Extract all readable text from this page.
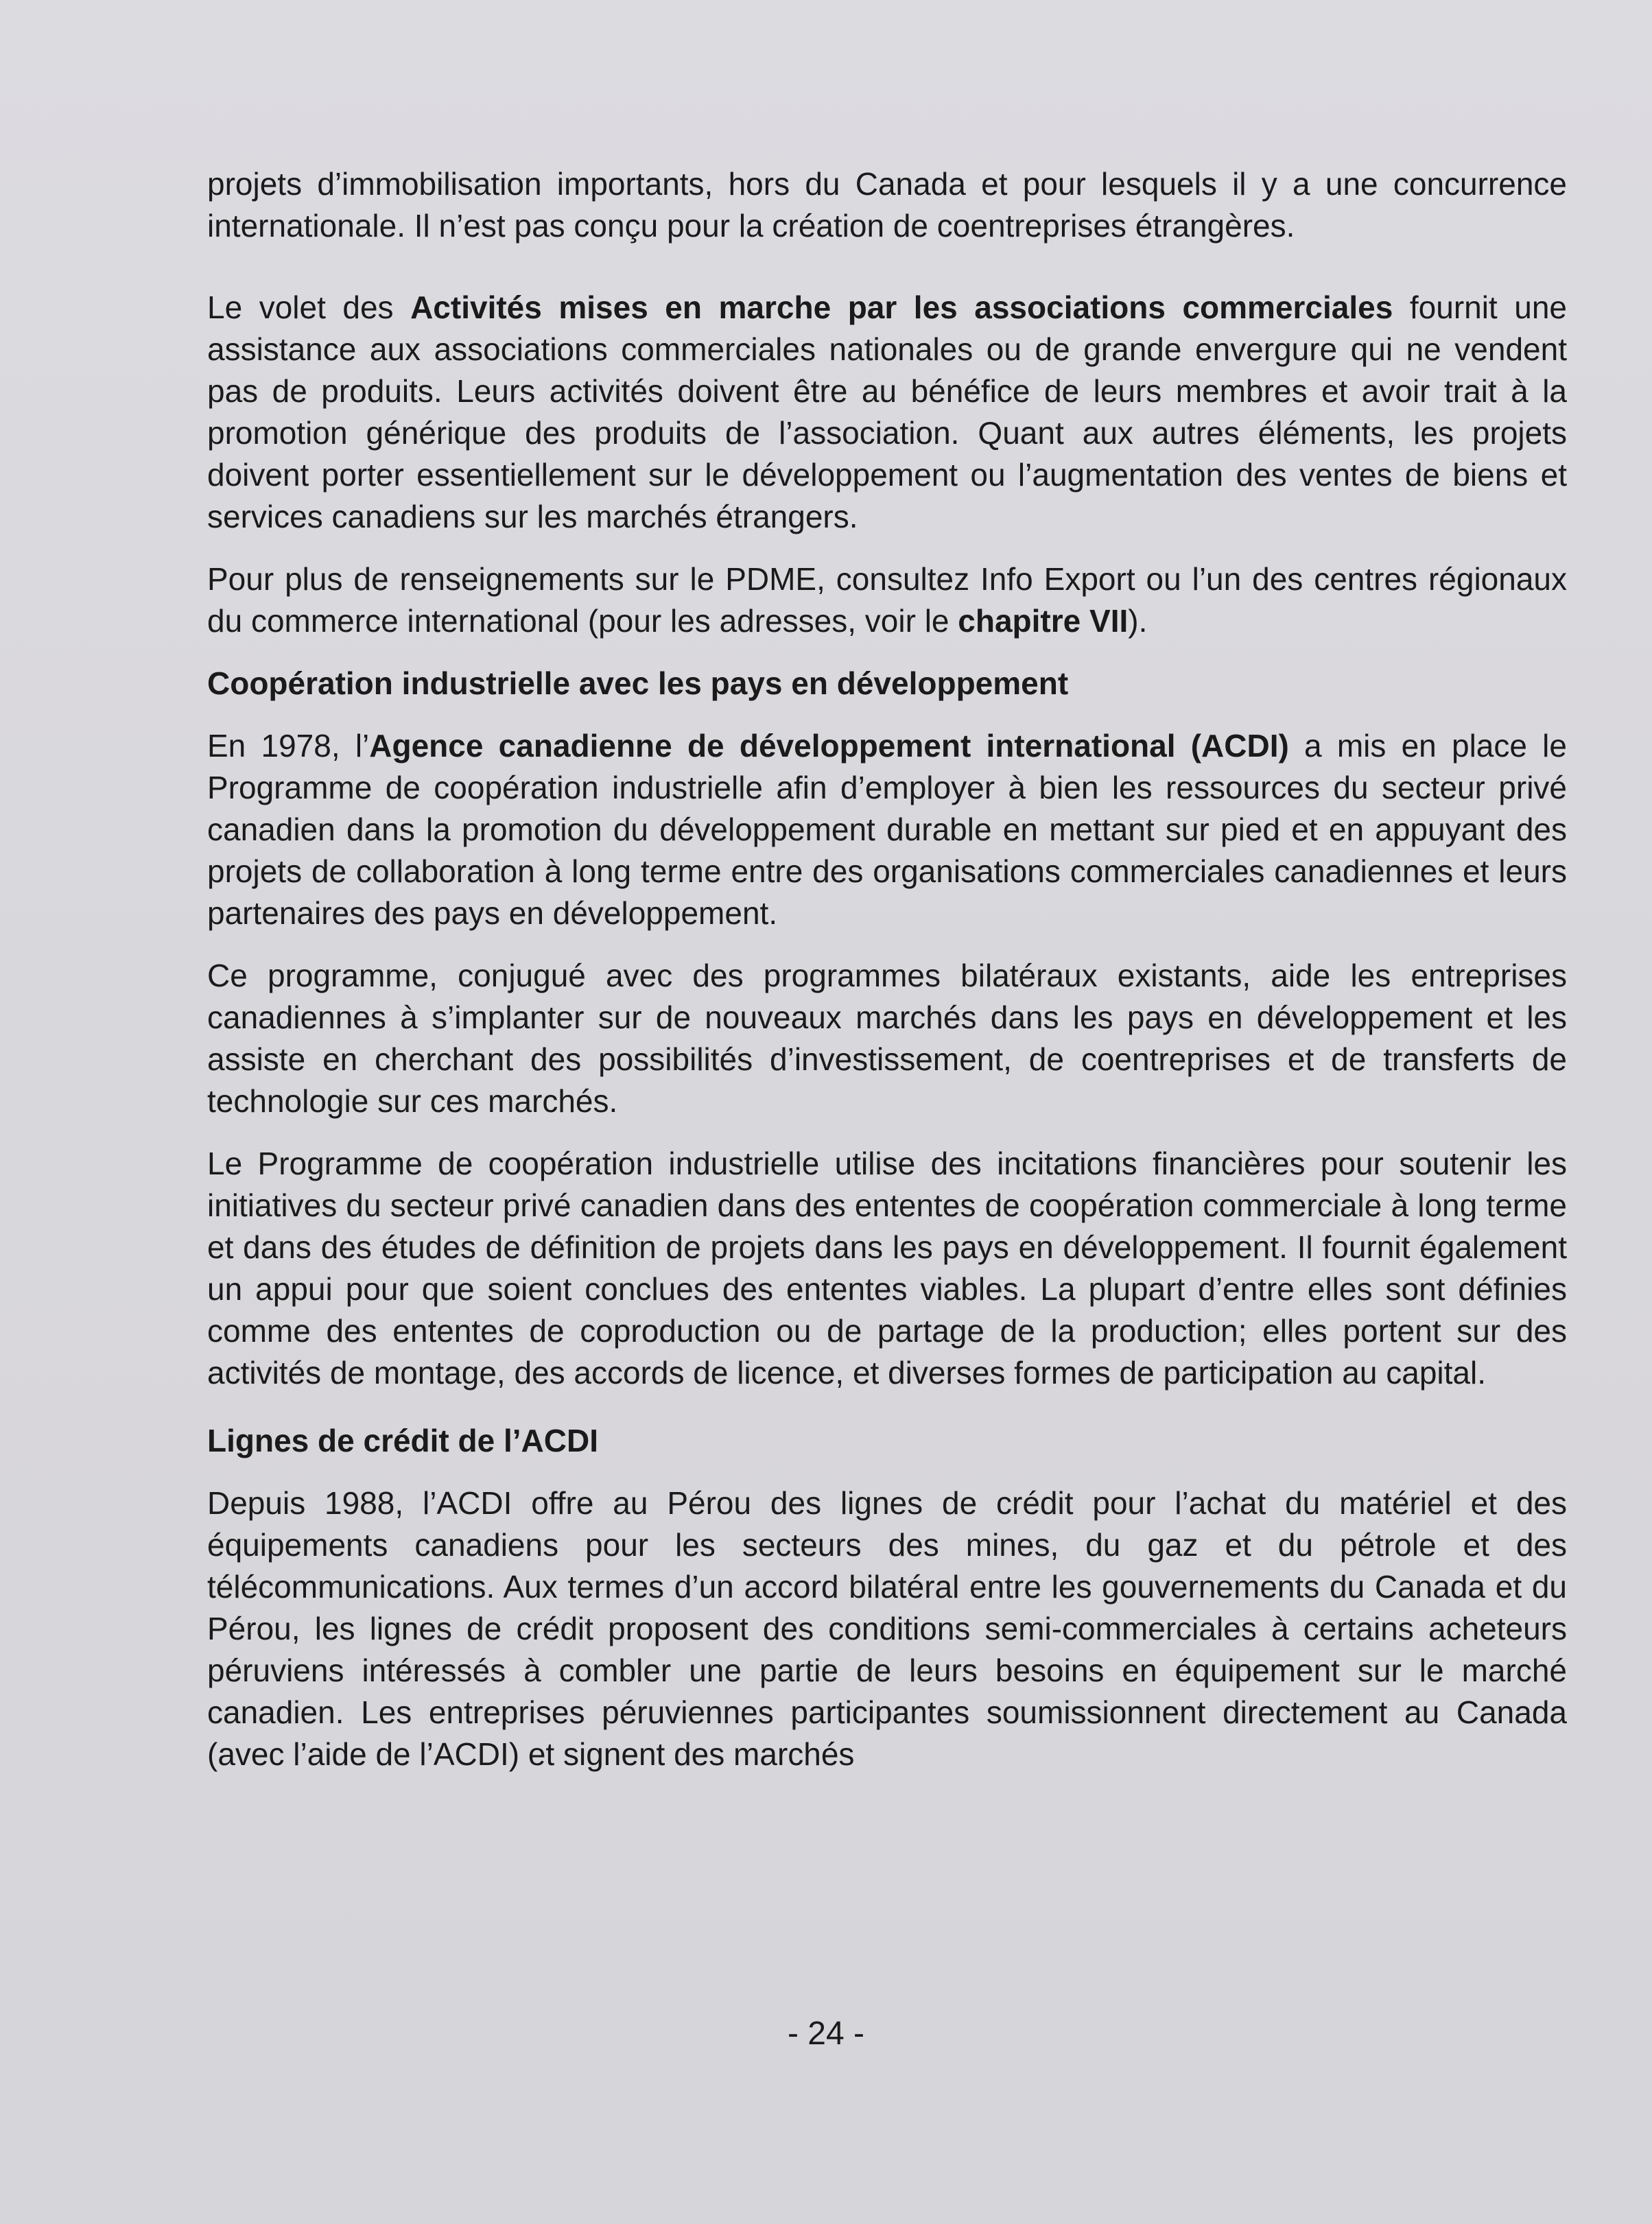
projets d’immobilisation importants, hors du Canada et pour lesquels il y a une concurrence internationale. Il n’est pas conçu pour la création de coentreprises étrangères.

Le volet des Activités mises en marche par les associations commerciales fournit une assistance aux associations commerciales nationales ou de grande envergure qui ne vendent pas de produits. Leurs activités doivent être au bénéfice de leurs membres et avoir trait à la promotion générique des produits de l’association. Quant aux autres éléments, les projets doivent porter essentiellement sur le développement ou l’augmentation des ventes de biens et services canadiens sur les marchés étrangers.

Pour plus de renseignements sur le PDME, consultez Info Export ou l’un des centres régionaux du commerce international (pour les adresses, voir le chapitre VII).

Coopération industrielle avec les pays en développement

En 1978, l’Agence canadienne de développement international (ACDI) a mis en place le Programme de coopération industrielle afin d’employer à bien les ressources du secteur privé canadien dans la promotion du développement durable en mettant sur pied et en appuyant des projets de collaboration à long terme entre des organisations commerciales canadiennes et leurs partenaires des pays en développement.

Ce programme, conjugué avec des programmes bilatéraux existants, aide les entreprises canadiennes à s’implanter sur de nouveaux marchés dans les pays en développement et les assiste en cherchant des possibilités d’investissement, de coentreprises et de transferts de technologie sur ces marchés.

Le Programme de coopération industrielle utilise des incitations financières pour soutenir les initiatives du secteur privé canadien dans des ententes de coopération commerciale à long terme et dans des études de définition de projets dans les pays en développement. Il fournit également un appui pour que soient conclues des ententes viables. La plupart d’entre elles sont définies comme des ententes de coproduction ou de partage de la production; elles portent sur des activités de montage, des accords de licence, et diverses formes de participation au capital.

Lignes de crédit de l’ACDI

Depuis 1988, l’ACDI offre au Pérou des lignes de crédit pour l’achat du matériel et des équipements canadiens pour les secteurs des mines, du gaz et du pétrole et des télécommunications. Aux termes d’un accord bilatéral entre les gouvernements du Canada et du Pérou, les lignes de crédit proposent des conditions semi-commerciales à certains acheteurs péruviens intéressés à combler une partie de leurs besoins en équipement sur le marché canadien. Les entreprises péruviennes participantes soumissionnent directement au Canada (avec l’aide de l’ACDI) et signent des marchés

- 24 -
